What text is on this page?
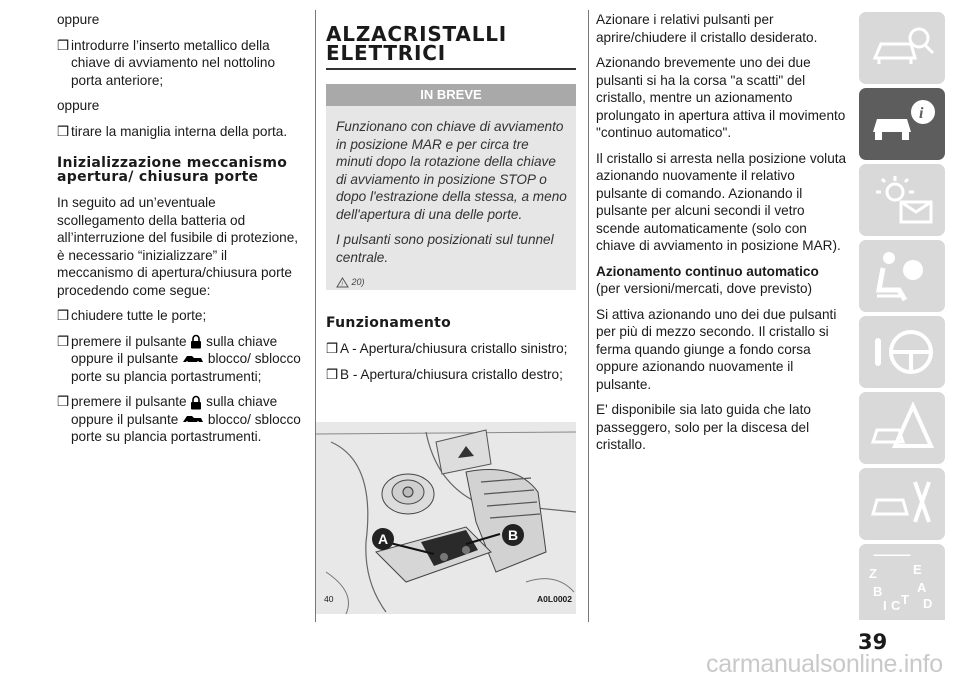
oppure

❒ introdurre l’inserto metallico della chiave di avviamento nel nottolino porta anteriore;

oppure

❒ tirare la maniglia interna della porta.
Inizializzazione meccanismo apertura/ chiusura porte

In seguito ad un’eventuale scollegamento della batteria od all’interruzione del fusibile di protezione, è necessario “inizializzare” il meccanismo di apertura/chiusura porte procedendo come segue:

❒ chiudere tutte le porte;
❒ premere il pulsante sulla chiave oppure il pulsante blocco/ sblocco porte su plancia portastrumenti;
❒ premere il pulsante sulla chiave oppure il pulsante blocco/ sblocco porte su plancia portastrumenti.
ALZACRISTALLI
ELETTRICI
IN BREVE

Funzionano con chiave di avviamento in posizione MAR e per circa tre minuti dopo la rotazione della chiave di avviamento in posizione STOP o dopo l'estrazione della stessa, a meno dell'apertura di una delle porte.

I pulsanti sono posizionati sul tunnel centrale.

! 20)
Funzionamento
❒ A - Apertura/chiusura cristallo sinistro;
❒ B - Apertura/chiusura cristallo destro;
A	B
40	A0L0002

Azionare i relativi pulsanti per aprire/chiudere il cristallo desiderato.

Azionando brevemente uno dei due pulsanti si ha la corsa "a scatti" del cristallo, mentre un azionamento prolungato in apertura attiva il movimento "continuo automatico".

Il cristallo si arresta nella posizione voluta azionando nuovamente il relativo pulsante di comando. Azionando il pulsante per alcuni secondi il vetro scende automaticamente (solo con chiave di avviamento in posizione MAR).

Azionamento continuo automatico

(per versioni/mercati, dove previsto)

Si attiva azionando uno dei due pulsanti per più di mezzo secondo. Il cristallo si ferma quando giunge a fondo corsa oppure azionando nuovamente il pulsante.

E' disponibile sia lato guida che lato passeggero, solo per la discesa del cristallo.

i
Z	E
A
B
I C T D
39
carmanualsonline.info
